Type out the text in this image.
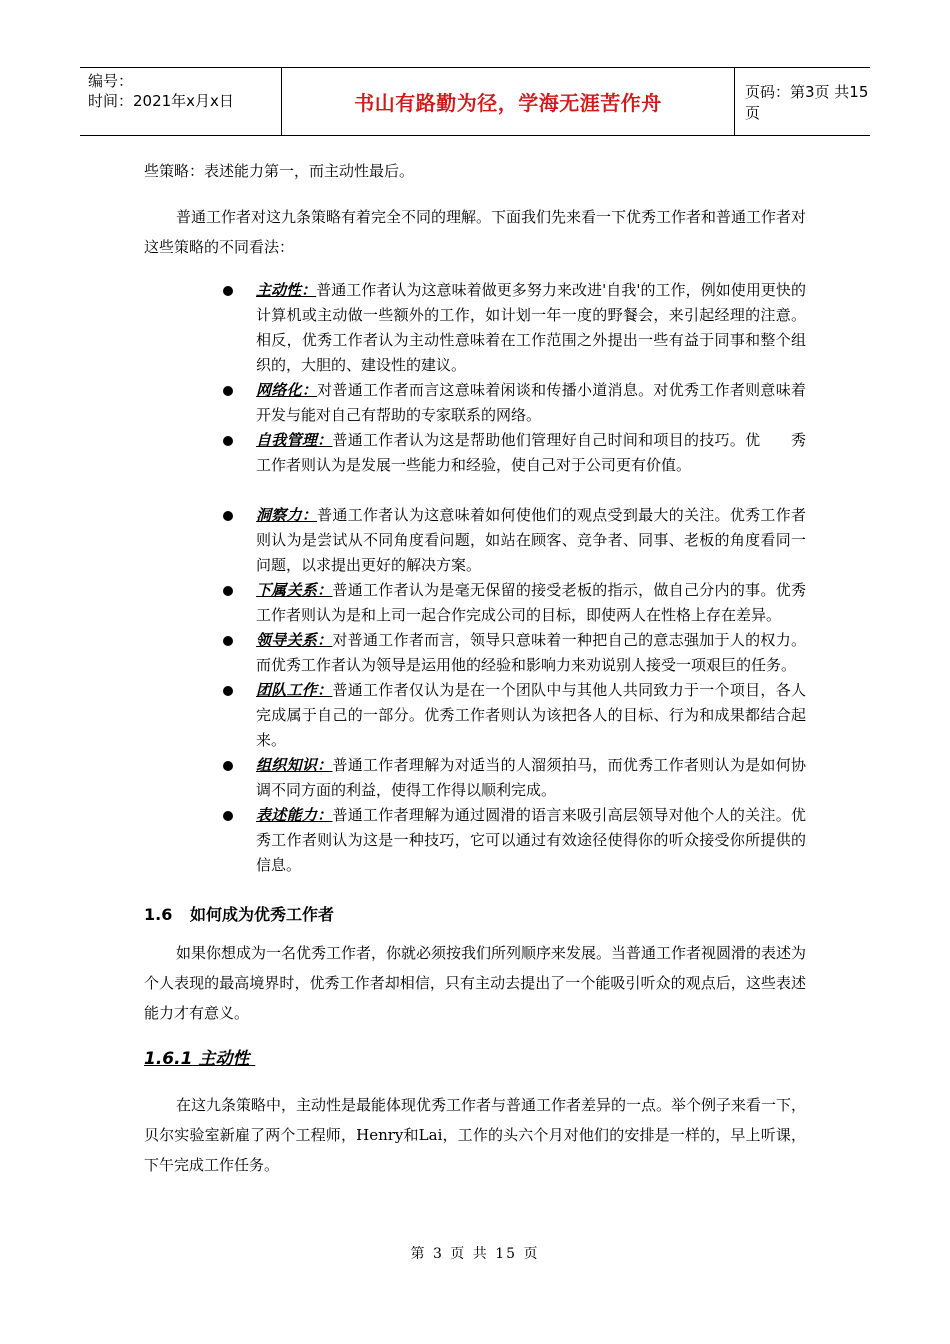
编号：
时间：2021年x月x日	书山有路勤为径，学海无涯苦作舟	页码：第3页 共15页

些策略：表述能力第一，而主动性最后。

普通工作者对这九条策略有着完全不同的理解。下面我们先来看一下优秀工作者和普通工作者对这些策略的不同看法：

主动性：普通工作者认为这意味着做更多努力来改进'自我'的工作，例如使用更快的计算机或主动做一些额外的工作，如计划一年一度的野餐会，来引起经理的注意。相反，优秀工作者认为主动性意味着在工作范围之外提出一些有益于同事和整个组织的，大胆的、建设性的建议。
网络化：对普通工作者而言这意味着闲谈和传播小道消息。对优秀工作者则意味着开发与能对自己有帮助的专家联系的网络。
自我管理：普通工作者认为这是帮助他们管理好自己时间和项目的技巧。优　　秀工作者则认为是发展一些能力和经验，使自己对于公司更有价值。
洞察力：普通工作者认为这意味着如何使他们的观点受到最大的关注。优秀工作者则认为是尝试从不同角度看问题，如站在顾客、竞争者、同事、老板的角度看同一问题，以求提出更好的解决方案。
下属关系：普通工作者认为是毫无保留的接受老板的指示，做自己分内的事。优秀工作者则认为是和上司一起合作完成公司的目标，即使两人在性格上存在差异。
领导关系：对普通工作者而言，领导只意味着一种把自己的意志强加于人的权力。而优秀工作者认为领导是运用他的经验和影响力来劝说别人接受一项艰巨的任务。
团队工作：普通工作者仅认为是在一个团队中与其他人共同致力于一个项目，各人完成属于自己的一部分。优秀工作者则认为该把各人的目标、行为和成果都结合起来。
组织知识：普通工作者理解为对适当的人溜须拍马，而优秀工作者则认为是如何协调不同方面的利益，使得工作得以顺利完成。
表述能力：普通工作者理解为通过圆滑的语言来吸引高层领导对他个人的关注。优秀工作者则认为这是一种技巧，它可以通过有效途径使得你的听众接受你所提供的信息。

1.6 如何成为优秀工作者

如果你想成为一名优秀工作者，你就必须按我们所列顺序来发展。当普通工作者视圆滑的表述为个人表现的最高境界时，优秀工作者却相信，只有主动去提出了一个能吸引听众的观点后，这些表述能力才有意义。

1.6.1 主动性

在这九条策略中，主动性是最能体现优秀工作者与普通工作者差异的一点。举个例子来看一下，贝尔实验室新雇了两个工程师，Henry和Lai，工作的头六个月对他们的安排是一样的，早上听课，下午完成工作任务。

第 3 页 共 15 页
